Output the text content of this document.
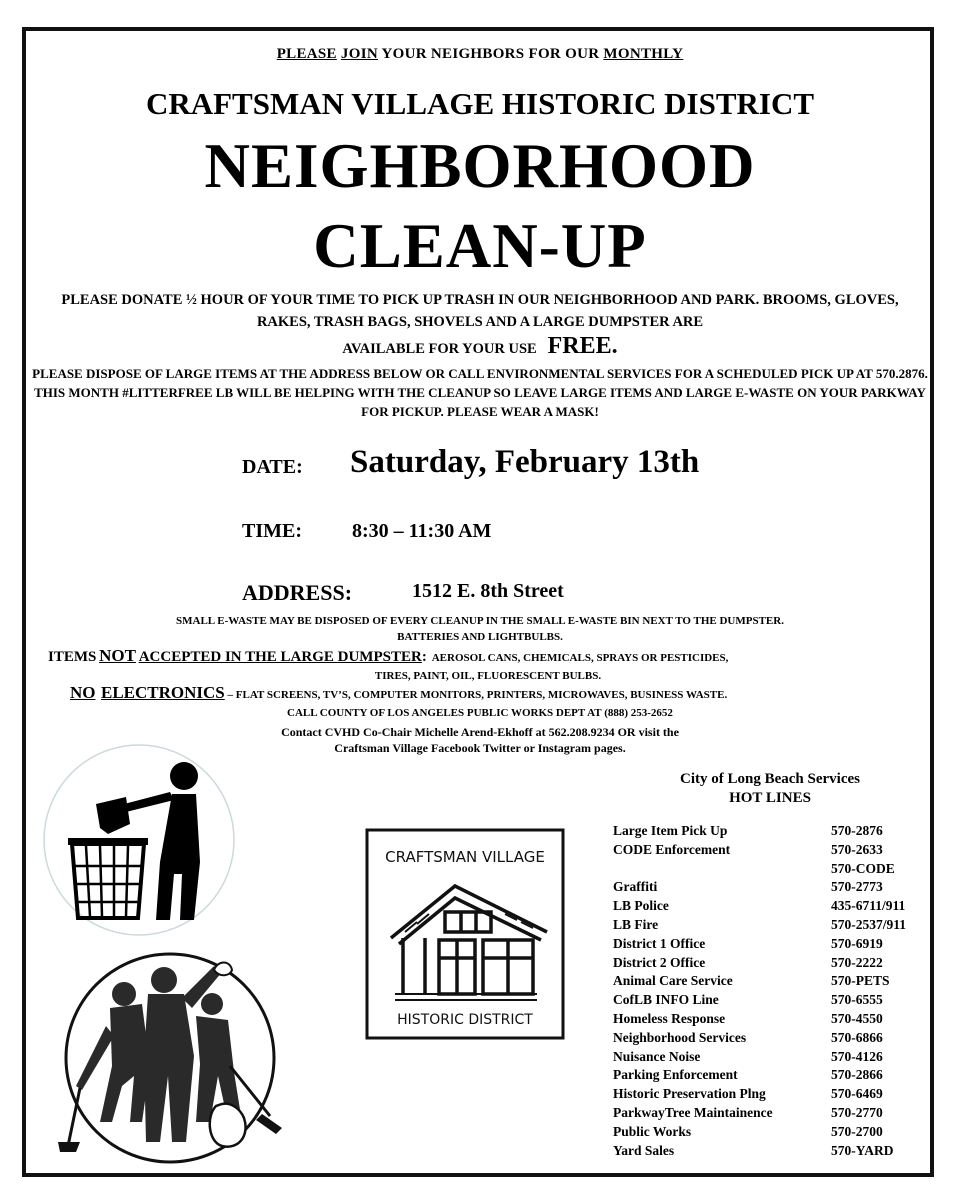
PLEASE JOIN YOUR NEIGHBORS FOR OUR MONTHLY
CRAFTSMAN VILLAGE HISTORIC DISTRICT
NEIGHBORHOOD
CLEAN-UP
PLEASE DONATE ½ HOUR OF YOUR TIME TO PICK UP TRASH IN OUR NEIGHBORHOOD AND PARK. BROOMS, GLOVES, RAKES, TRASH BAGS, SHOVELS AND A LARGE DUMPSTER ARE
AVAILABLE FOR YOUR USE FREE.
PLEASE DISPOSE OF LARGE ITEMS AT THE ADDRESS BELOW OR CALL ENVIRONMENTAL SERVICES FOR A SCHEDULED PICK UP AT 570.2876. THIS MONTH #LITTERFREE LB WILL BE HELPING WITH THE CLEANUP SO LEAVE LARGE ITEMS AND LARGE E-WASTE ON YOUR PARKWAY FOR PICKUP. PLEASE WEAR A MASK!
DATE: Saturday, February 13th
TIME:	8:30 – 11:30 AM
ADDRESS:	1512 E. 8th Street
SMALL E-WASTE MAY BE DISPOSED OF EVERY CLEANUP IN THE SMALL E-WASTE BIN NEXT TO THE DUMPSTER.
BATTERIES AND LIGHTBULBS.
ITEMS NOT ACCEPTED IN THE LARGE DUMPSTER: AEROSOL CANS, CHEMICALS, SPRAYS OR PESTICIDES,
TIRES, PAINT, OIL, FLUORESCENT BULBS.
NO ELECTRONICS – FLAT SCREENS, TV’S, COMPUTER MONITORS, PRINTERS, MICROWAVES, BUSINESS WASTE.
CALL COUNTY OF LOS ANGELES PUBLIC WORKS DEPT AT (888) 253-2652
Contact CVHD Co-Chair Michelle Arend-Ekhoff at 562.208.9234 OR visit the
Craftsman Village Facebook Twitter or Instagram pages.
City of Long Beach Services
HOT LINES
Large Item Pick Up	570-2876
CODE Enforcement	570-2633
570-CODE
Graffiti	570-2773
LB Police	435-6711/911
LB Fire	570-2537/911
District 1 Office	570-6919
District 2 Office	570-2222
Animal Care Service	570-PETS
CofLB INFO Line	570-6555
Homeless Response	570-4550
Neighborhood Services	570-6866
Nuisance Noise	570-4126
Parking Enforcement	570-2866
Historic Preservation Plng	570-6469
ParkwayTree Maintainence	570-2770
Public Works	570-2700
Yard Sales	570-YARD
CRAFTSMAN VILLAGE
HISTORIC DISTRICT
